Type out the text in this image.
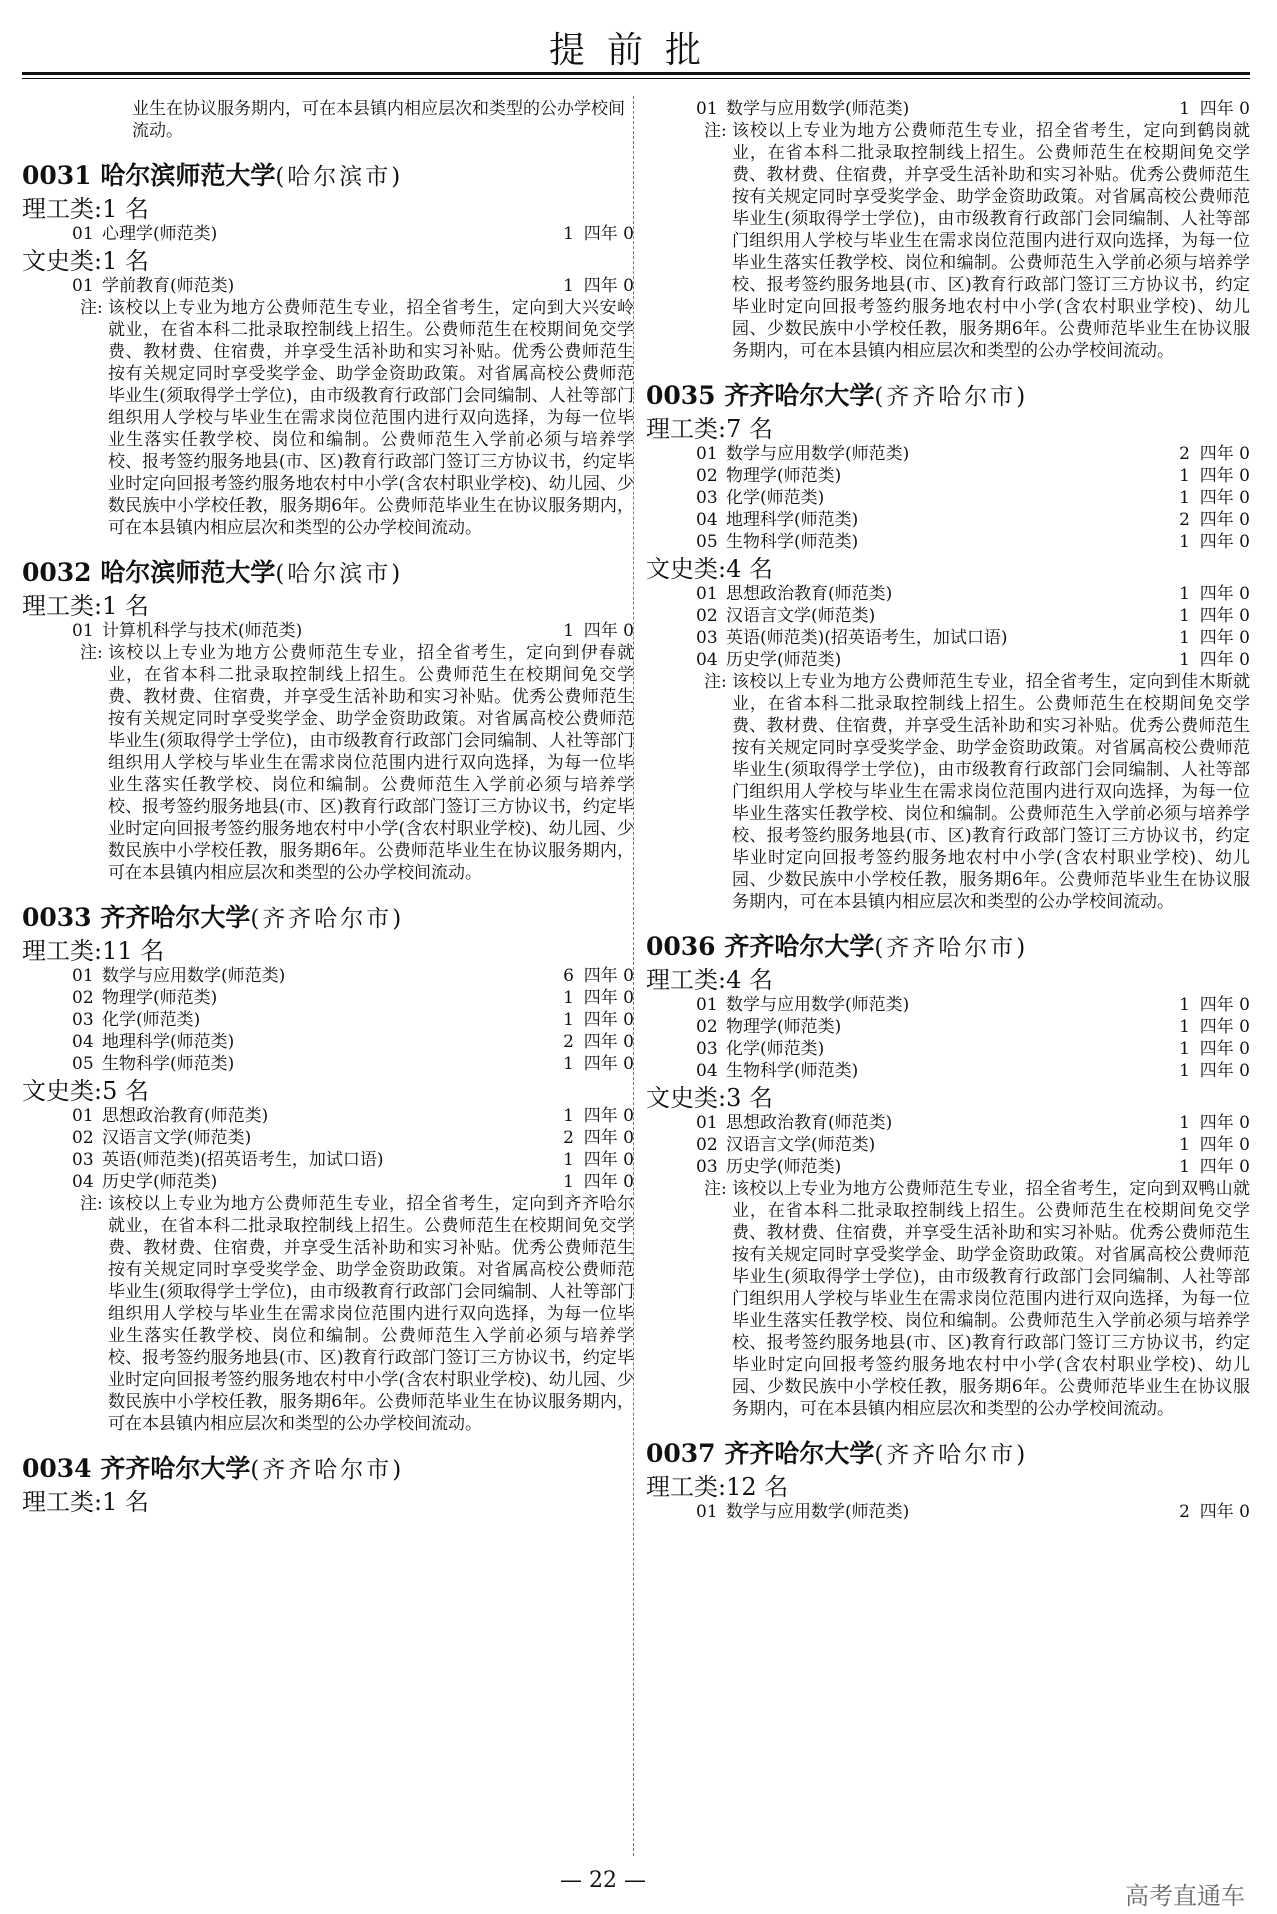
提前批
业生在协议服务期内，可在本县镇内相应层次和类型的公办学校间流动。
0031 哈尔滨师范大学(哈尔滨市)
理工类:1 名
01 心理学(师范类)	1 四年 0
文史类:1 名
01 学前教育(师范类)	1 四年 0
注: 该校以上专业为地方公费师范生专业，招全省考生，定向到大兴安岭就业，在省本科二批录取控制线上招生。公费师范生在校期间免交学费、教材费、住宿费，并享受生活补助和实习补贴。优秀公费师范生按有关规定同时享受奖学金、助学金资助政策。对省属高校公费师范毕业生(须取得学士学位)，由市级教育行政部门会同编制、人社等部门组织用人学校与毕业生在需求岗位范围内进行双向选择，为每一位毕业生落实任教学校、岗位和编制。公费师范生入学前必须与培养学校、报考签约服务地县(市、区)教育行政部门签订三方协议书，约定毕业时定向回报考签约服务地农村中小学(含农村职业学校)、幼儿园、少数民族中小学校任教，服务期6年。公费师范毕业生在协议服务期内，可在本县镇内相应层次和类型的公办学校间流动。
0032 哈尔滨师范大学(哈尔滨市)
理工类:1 名
01 计算机科学与技术(师范类)	1 四年 0
注: 该校以上专业为地方公费师范生专业，招全省考生，定向到伊春就业，在省本科二批录取控制线上招生。公费师范生在校期间免交学费、教材费、住宿费，并享受生活补助和实习补贴。优秀公费师范生按有关规定同时享受奖学金、助学金资助政策。对省属高校公费师范毕业生(须取得学士学位)，由市级教育行政部门会同编制、人社等部门组织用人学校与毕业生在需求岗位范围内进行双向选择，为每一位毕业生落实任教学校、岗位和编制。公费师范生入学前必须与培养学校、报考签约服务地县(市、区)教育行政部门签订三方协议书，约定毕业时定向回报考签约服务地农村中小学(含农村职业学校)、幼儿园、少数民族中小学校任教，服务期6年。公费师范毕业生在协议服务期内，可在本县镇内相应层次和类型的公办学校间流动。
0033 齐齐哈尔大学(齐齐哈尔市)
理工类:11 名
01 数学与应用数学(师范类)	6 四年 0
02 物理学(师范类)	1 四年 0
03 化学(师范类)	1 四年 0
04 地理科学(师范类)	2 四年 0
05 生物科学(师范类)	1 四年 0
文史类:5 名
01 思想政治教育(师范类)	1 四年 0
02 汉语言文学(师范类)	2 四年 0
03 英语(师范类)(招英语考生，加试口语)	1 四年 0
04 历史学(师范类)	1 四年 0
注: 该校以上专业为地方公费师范生专业，招全省考生，定向到齐齐哈尔就业，在省本科二批录取控制线上招生。公费师范生在校期间免交学费、教材费、住宿费，并享受生活补助和实习补贴。优秀公费师范生按有关规定同时享受奖学金、助学金资助政策。对省属高校公费师范毕业生(须取得学士学位)，由市级教育行政部门会同编制、人社等部门组织用人学校与毕业生在需求岗位范围内进行双向选择，为每一位毕业生落实任教学校、岗位和编制。公费师范生入学前必须与培养学校、报考签约服务地县(市、区)教育行政部门签订三方协议书，约定毕业时定向回报考签约服务地农村中小学(含农村职业学校)、幼儿园、少数民族中小学校任教，服务期6年。公费师范毕业生在协议服务期内，可在本县镇内相应层次和类型的公办学校间流动。
0034 齐齐哈尔大学(齐齐哈尔市)
理工类:1 名
01 数学与应用数学(师范类)	1 四年 0
注: 该校以上专业为地方公费师范生专业，招全省考生，定向到鹤岗就业，在省本科二批录取控制线上招生。公费师范生在校期间免交学费、教材费、住宿费，并享受生活补助和实习补贴。优秀公费师范生按有关规定同时享受奖学金、助学金资助政策。对省属高校公费师范毕业生(须取得学士学位)，由市级教育行政部门会同编制、人社等部门组织用人学校与毕业生在需求岗位范围内进行双向选择，为每一位毕业生落实任教学校、岗位和编制。公费师范生入学前必须与培养学校、报考签约服务地县(市、区)教育行政部门签订三方协议书，约定毕业时定向回报考签约服务地农村中小学(含农村职业学校)、幼儿园、少数民族中小学校任教，服务期6年。公费师范毕业生在协议服务期内，可在本县镇内相应层次和类型的公办学校间流动。
0035 齐齐哈尔大学(齐齐哈尔市)
理工类:7 名
01 数学与应用数学(师范类)	2 四年 0
02 物理学(师范类)	1 四年 0
03 化学(师范类)	1 四年 0
04 地理科学(师范类)	2 四年 0
05 生物科学(师范类)	1 四年 0
文史类:4 名
01 思想政治教育(师范类)	1 四年 0
02 汉语言文学(师范类)	1 四年 0
03 英语(师范类)(招英语考生，加试口语)	1 四年 0
04 历史学(师范类)	1 四年 0
注: 该校以上专业为地方公费师范生专业，招全省考生，定向到佳木斯就业，在省本科二批录取控制线上招生。公费师范生在校期间免交学费、教材费、住宿费，并享受生活补助和实习补贴。优秀公费师范生按有关规定同时享受奖学金、助学金资助政策。对省属高校公费师范毕业生(须取得学士学位)，由市级教育行政部门会同编制、人社等部门组织用人学校与毕业生在需求岗位范围内进行双向选择，为每一位毕业生落实任教学校、岗位和编制。公费师范生入学前必须与培养学校、报考签约服务地县(市、区)教育行政部门签订三方协议书，约定毕业时定向回报考签约服务地农村中小学(含农村职业学校)、幼儿园、少数民族中小学校任教，服务期6年。公费师范毕业生在协议服务期内，可在本县镇内相应层次和类型的公办学校间流动。
0036 齐齐哈尔大学(齐齐哈尔市)
理工类:4 名
01 数学与应用数学(师范类)	1 四年 0
02 物理学(师范类)	1 四年 0
03 化学(师范类)	1 四年 0
04 生物科学(师范类)	1 四年 0
文史类:3 名
01 思想政治教育(师范类)	1 四年 0
02 汉语言文学(师范类)	1 四年 0
03 历史学(师范类)	1 四年 0
注: 该校以上专业为地方公费师范生专业，招全省考生，定向到双鸭山就业，在省本科二批录取控制线上招生。公费师范生在校期间免交学费、教材费、住宿费，并享受生活补助和实习补贴。优秀公费师范生按有关规定同时享受奖学金、助学金资助政策。对省属高校公费师范毕业生(须取得学士学位)，由市级教育行政部门会同编制、人社等部门组织用人学校与毕业生在需求岗位范围内进行双向选择，为每一位毕业生落实任教学校、岗位和编制。公费师范生入学前必须与培养学校、报考签约服务地县(市、区)教育行政部门签订三方协议书，约定毕业时定向回报考签约服务地农村中小学(含农村职业学校)、幼儿园、少数民族中小学校任教，服务期6年。公费师范毕业生在协议服务期内，可在本县镇内相应层次和类型的公办学校间流动。
0037 齐齐哈尔大学(齐齐哈尔市)
理工类:12 名
01 数学与应用数学(师范类)	2 四年 0
— 22 —
高考直通车
